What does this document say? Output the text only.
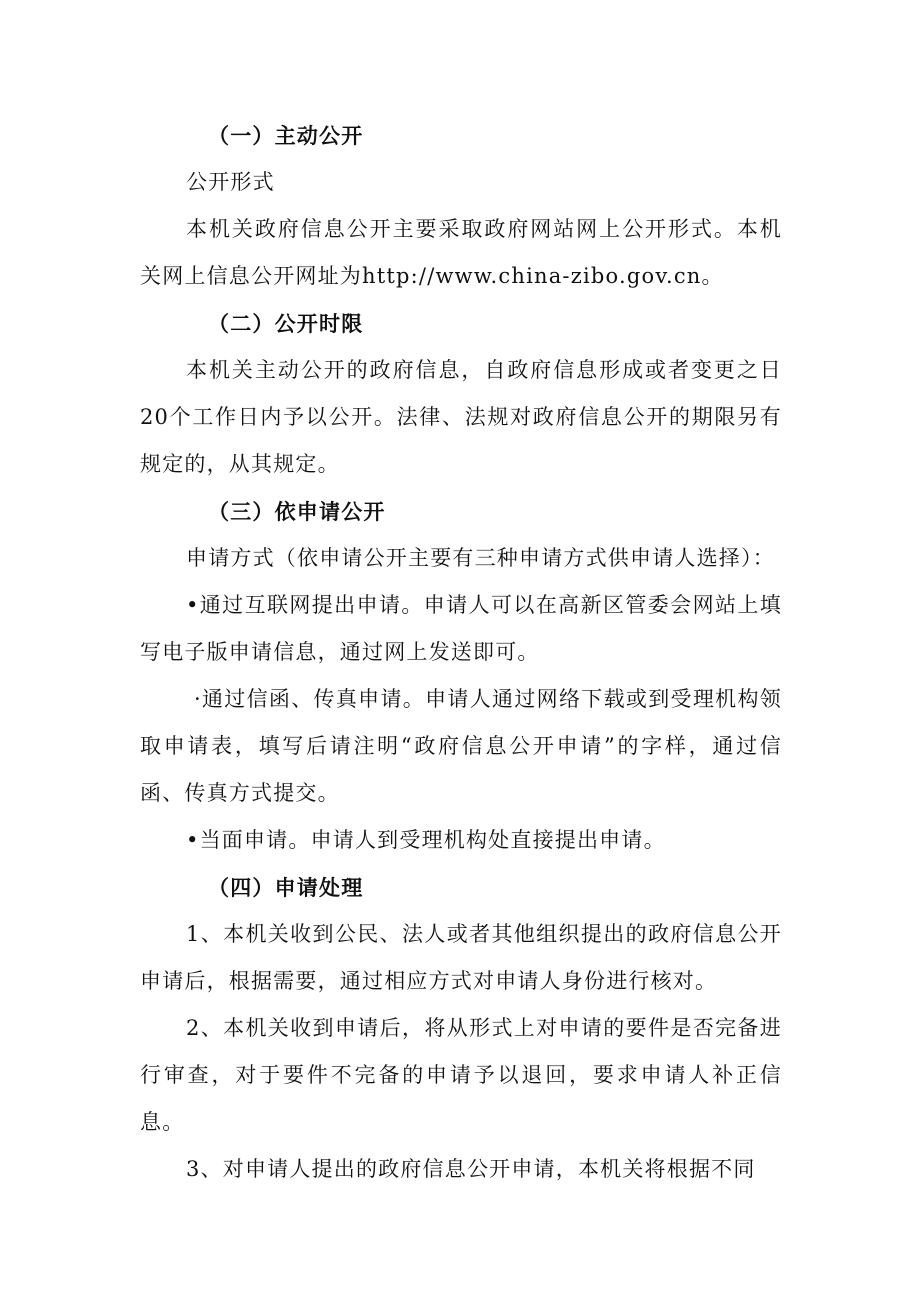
（一）主动公开

公开形式

本机关政府信息公开主要采取政府网站网上公开形式。本机关网上信息公开网址为http://www.china-zibo.gov.cn。

（二）公开时限

本机关主动公开的政府信息，自政府信息形成或者变更之日20个工作日内予以公开。法律、法规对政府信息公开的期限另有规定的，从其规定。

（三）依申请公开

申请方式（依申请公开主要有三种申请方式供申请人选择）：

•通过互联网提出申请。申请人可以在高新区管委会网站上填写电子版申请信息，通过网上发送即可。

·通过信函、传真申请。申请人通过网络下载或到受理机构领取申请表，填写后请注明“政府信息公开申请”的字样，通过信函、传真方式提交。

•当面申请。申请人到受理机构处直接提出申请。

（四）申请处理

1、本机关收到公民、法人或者其他组织提出的政府信息公开申请后，根据需要，通过相应方式对申请人身份进行核对。

2、本机关收到申请后，将从形式上对申请的要件是否完备进行审查，对于要件不完备的申请予以退回，要求申请人补正信息。

3、对申请人提出的政府信息公开申请，本机关将根据不同
